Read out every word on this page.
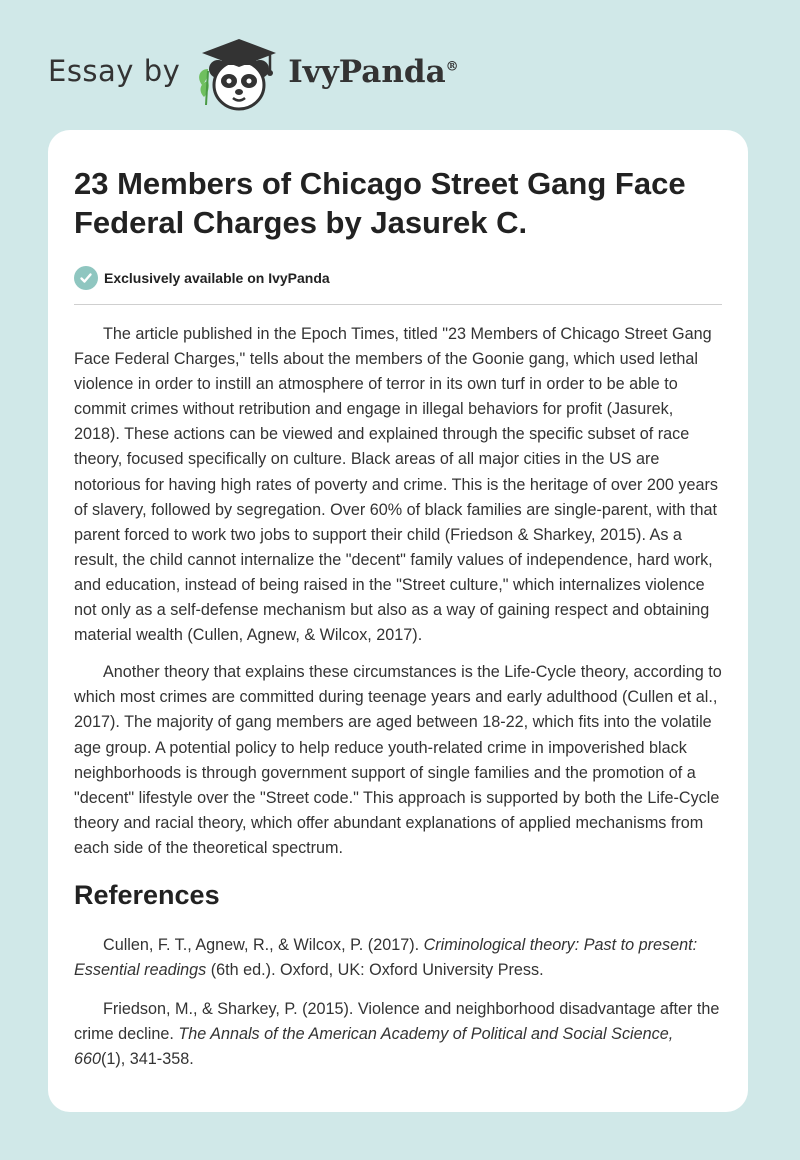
Essay by	IvyPanda®
23 Members of Chicago Street Gang Face Federal Charges by Jasurek C.
Exclusively available on IvyPanda

The article published in the Epoch Times, titled "23 Members of Chicago Street Gang Face Federal Charges," tells about the members of the Goonie gang, which used lethal violence in order to instill an atmosphere of terror in its own turf in order to be able to commit crimes without retribution and engage in illegal behaviors for profit (Jasurek, 2018). These actions can be viewed and explained through the specific subset of race theory, focused specifically on culture. Black areas of all major cities in the US are notorious for having high rates of poverty and crime. This is the heritage of over 200 years of slavery, followed by segregation. Over 60% of black families are single-parent, with that parent forced to work two jobs to support their child (Friedson & Sharkey, 2015). As a result, the child cannot internalize the "decent" family values of independence, hard work, and education, instead of being raised in the "Street culture," which internalizes violence not only as a self-defense mechanism but also as a way of gaining respect and obtaining material wealth (Cullen, Agnew, & Wilcox, 2017).

Another theory that explains these circumstances is the Life-Cycle theory, according to which most crimes are committed during teenage years and early adulthood (Cullen et al., 2017). The majority of gang members are aged between 18-22, which fits into the volatile age group. A potential policy to help reduce youth-related crime in impoverished black neighborhoods is through government support of single families and the promotion of a "decent" lifestyle over the "Street code." This approach is supported by both the Life-Cycle theory and racial theory, which offer abundant explanations of applied mechanisms from each side of the theoretical spectrum.

References

Cullen, F. T., Agnew, R., & Wilcox, P. (2017). Criminological theory: Past to present: Essential readings (6th ed.). Oxford, UK: Oxford University Press.

Friedson, M., & Sharkey, P. (2015). Violence and neighborhood disadvantage after the crime decline. The Annals of the American Academy of Political and Social Science, 660(1), 341-358.
